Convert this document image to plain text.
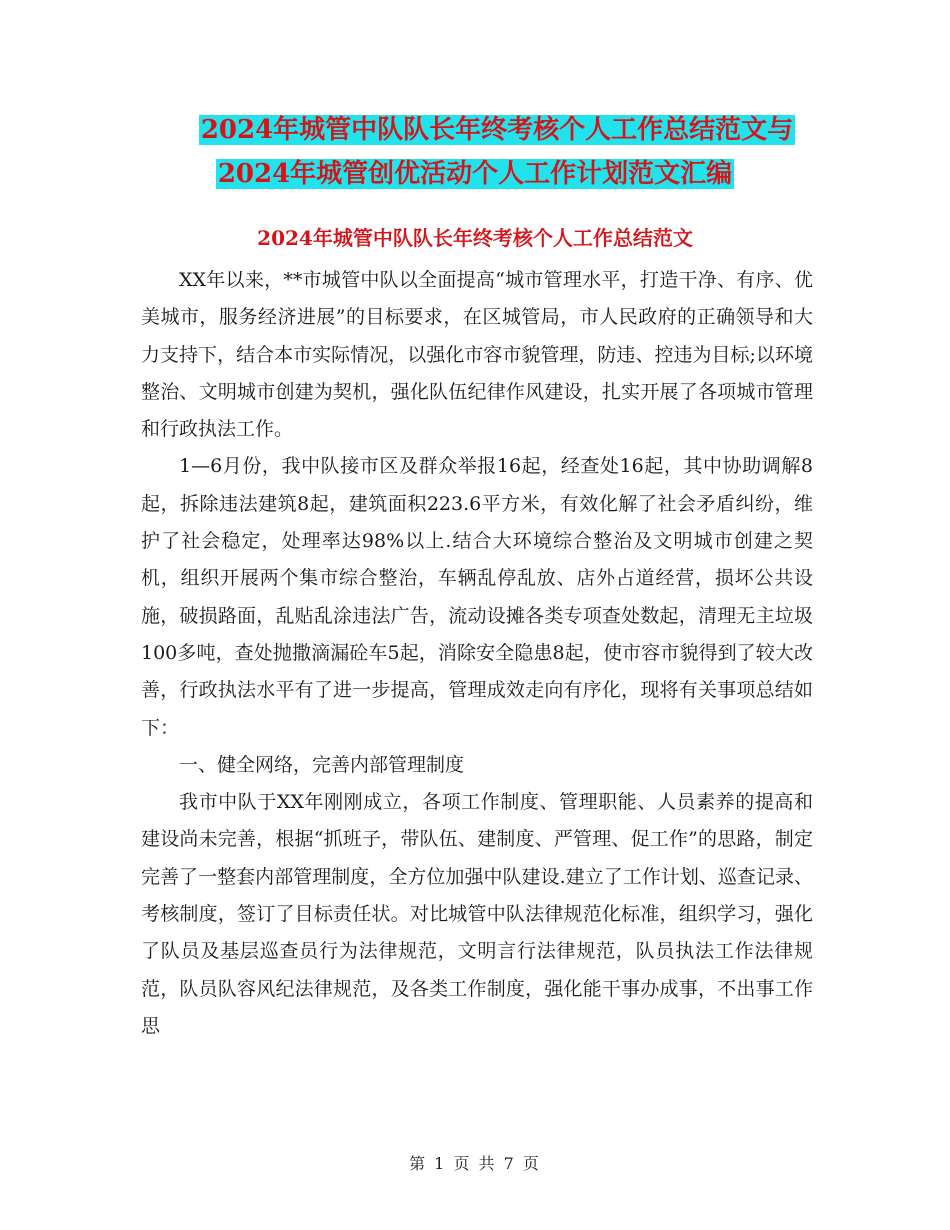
2024年城管中队队长年终考核个人工作总结范文与
2024年城管创优活动个人工作计划范文汇编
2024年城管中队队长年终考核个人工作总结范文

XX年以来，**市城管中队以全面提高“城市管理水平，打造干净、有序、优美城市，服务经济进展”的目标要求，在区城管局，市人民政府的正确领导和大力支持下，结合本市实际情况，以强化市容市貌管理，防违、控违为目标;以环境整治、文明城市创建为契机，强化队伍纪律作风建设，扎实开展了各项城市管理和行政执法工作。

1—6月份，我中队接市区及群众举报16起，经查处16起，其中协助调解8起，拆除违法建筑8起，建筑面积223.6平方米，有效化解了社会矛盾纠纷，维护了社会稳定，处理率达98%以上.结合大环境综合整治及文明城市创建之契机，组织开展两个集市综合整治，车辆乱停乱放、店外占道经营，损坏公共设施，破损路面，乱贴乱涂违法广告，流动设摊各类专项查处数起，清理无主垃圾100多吨，查处抛撒滴漏砼车5起，消除安全隐患8起，使市容市貌得到了较大改善，行政执法水平有了进一步提高，管理成效走向有序化，现将有关事项总结如下：

一、健全网络，完善内部管理制度

我市中队于XX年刚刚成立，各项工作制度、管理职能、人员素养的提高和建设尚未完善，根据“抓班子，带队伍、建制度、严管理、促工作”的思路，制定完善了一整套内部管理制度，全方位加强中队建设.建立了工作计划、巡查记录、考核制度，签订了目标责任状。对比城管中队法律规范化标准，组织学习，强化了队员及基层巡查员行为法律规范，文明言行法律规范，队员执法工作法律规范，队员队容风纪法律规范，及各类工作制度，强化能干事办成事，不出事工作思

第 1 页 共 7 页
